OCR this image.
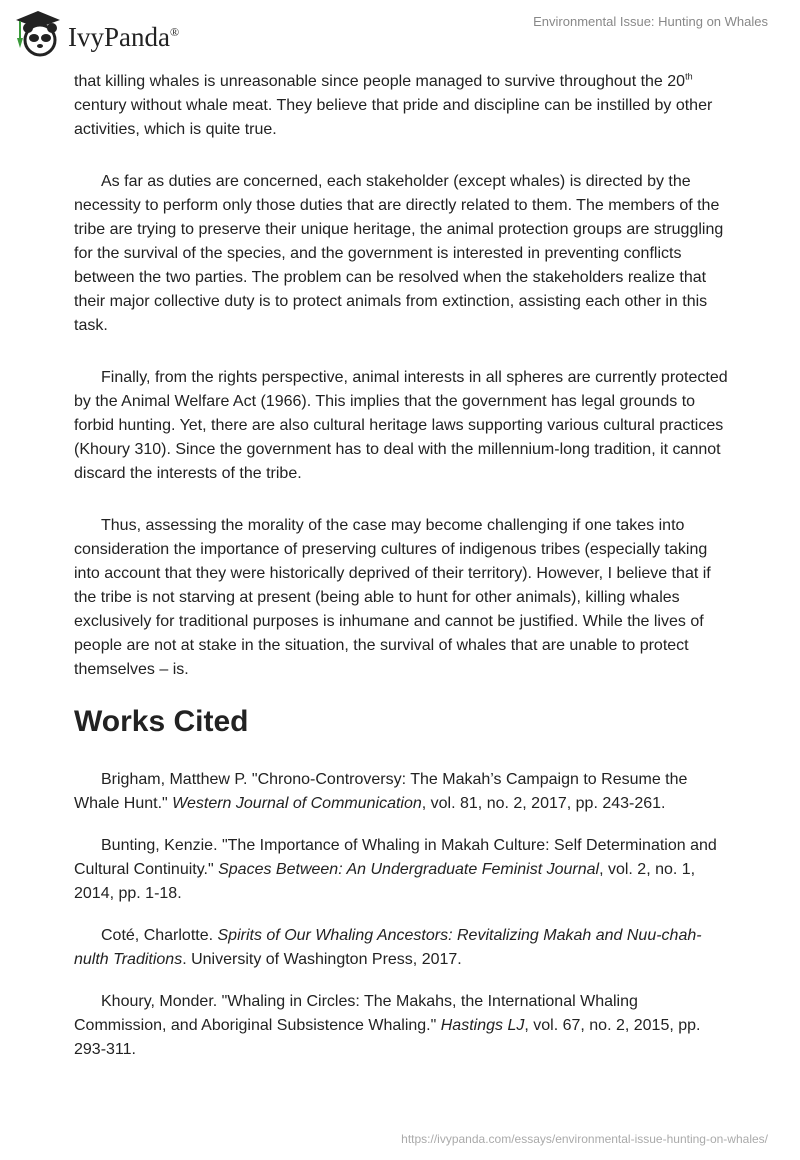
IvyPanda®
Environmental Issue: Hunting on Whales

that killing whales is unreasonable since people managed to survive throughout the 20th century without whale meat. They believe that pride and discipline can be instilled by other activities, which is quite true.

As far as duties are concerned, each stakeholder (except whales) is directed by the necessity to perform only those duties that are directly related to them. The members of the tribe are trying to preserve their unique heritage, the animal protection groups are struggling for the survival of the species, and the government is interested in preventing conflicts between the two parties. The problem can be resolved when the stakeholders realize that their major collective duty is to protect animals from extinction, assisting each other in this task.

Finally, from the rights perspective, animal interests in all spheres are currently protected by the Animal Welfare Act (1966). This implies that the government has legal grounds to forbid hunting. Yet, there are also cultural heritage laws supporting various cultural practices (Khoury 310). Since the government has to deal with the millennium-long tradition, it cannot discard the interests of the tribe.

Thus, assessing the morality of the case may become challenging if one takes into consideration the importance of preserving cultures of indigenous tribes (especially taking into account that they were historically deprived of their territory). However, I believe that if the tribe is not starving at present (being able to hunt for other animals), killing whales exclusively for traditional purposes is inhumane and cannot be justified. While the lives of people are not at stake in the situation, the survival of whales that are unable to protect themselves – is.

Works Cited

Brigham, Matthew P. "Chrono-Controversy: The Makah’s Campaign to Resume the Whale Hunt." Western Journal of Communication, vol. 81, no. 2, 2017, pp. 243-261.

Bunting, Kenzie. "The Importance of Whaling in Makah Culture: Self Determination and Cultural Continuity." Spaces Between: An Undergraduate Feminist Journal, vol. 2, no. 1, 2014, pp. 1-18.

Coté, Charlotte. Spirits of Our Whaling Ancestors: Revitalizing Makah and Nuu-chah-nulth Traditions. University of Washington Press, 2017.

Khoury, Monder. "Whaling in Circles: The Makahs, the International Whaling Commission, and Aboriginal Subsistence Whaling." Hastings LJ, vol. 67, no. 2, 2015, pp. 293-311.

https://ivypanda.com/essays/environmental-issue-hunting-on-whales/
